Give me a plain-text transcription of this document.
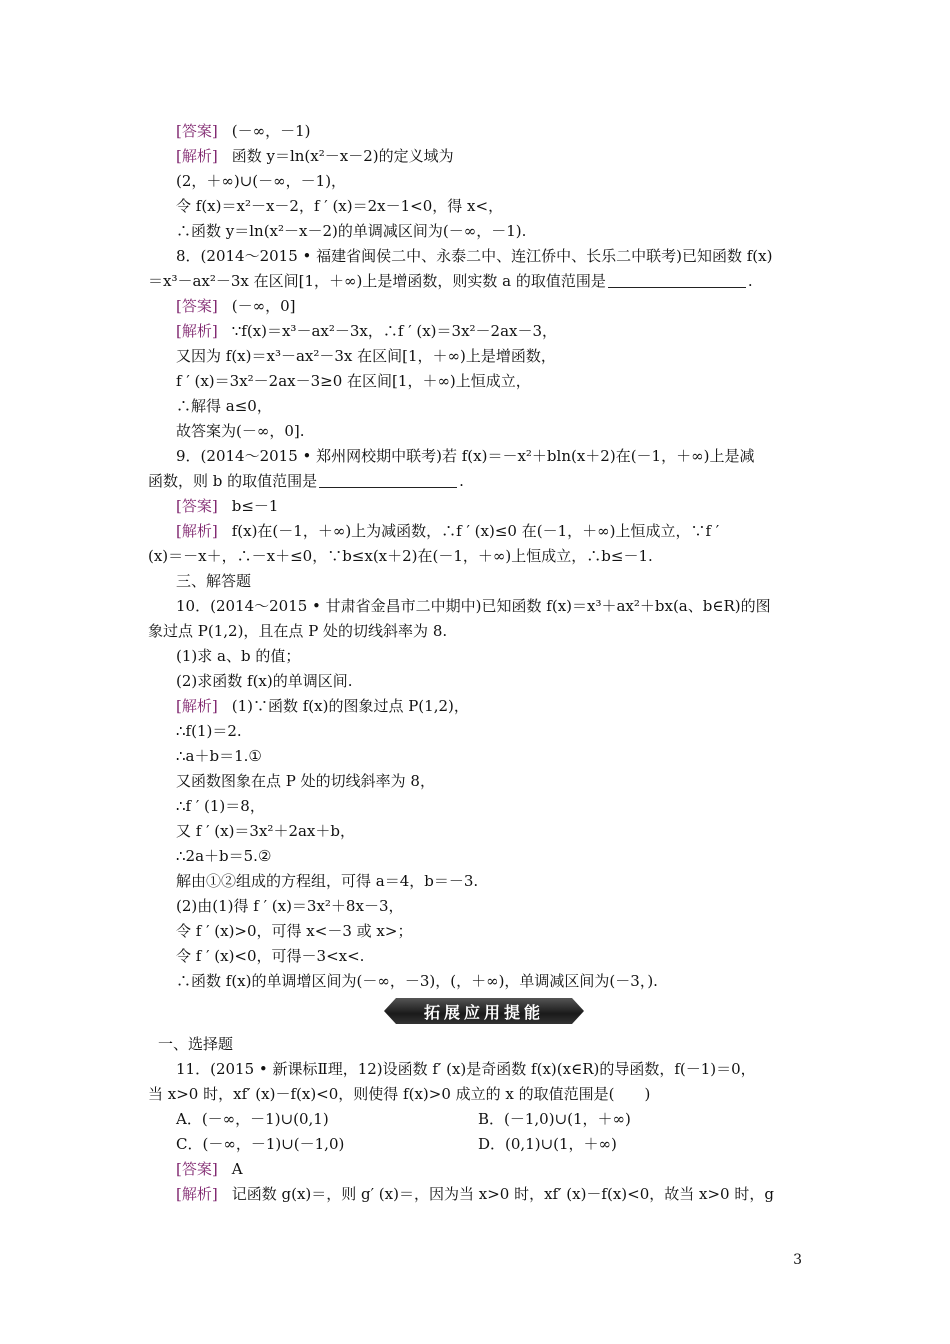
[答案] (－∞，－1)
[解析] 函数 y＝ln(x²－x－2)的定义域为
(2，＋∞)∪(－∞，－1)，
令 f(x)＝x²－x－2，f ′ (x)＝2x－1<0，得 x<，
∴函数 y＝ln(x²－x－2)的单调减区间为(－∞，－1).
8．(2014～2015 • 福建省闽侯二中、永泰二中、连江侨中、长乐二中联考)已知函数 f(x)
＝x³－ax²－3x 在区间[1，＋∞)上是增函数，则实数 a 的取值范围是	.
[答案] (－∞，0]
[解析] ∵f(x)＝x³－ax²－3x，∴f ′ (x)＝3x²－2ax－3，
又因为 f(x)＝x³－ax²－3x 在区间[1，＋∞)上是增函数，
f ′ (x)＝3x²－2ax－3≥0 在区间[1，＋∞)上恒成立，
∴解得 a≤0，
故答案为(－∞，0].
9．(2014～2015 • 郑州网校期中联考)若 f(x)＝－x²＋bln(x＋2)在(－1，＋∞)上是减
函数，则 b 的取值范围是	.
[答案] b≤－1
[解析] f(x)在(－1，＋∞)上为减函数，∴f ′ (x)≤0 在(－1，＋∞)上恒成立，∵f ′
(x)＝－x＋，∴－x＋≤0，∵b≤x(x＋2)在(－1，＋∞)上恒成立，∴b≤－1.
三、解答题
10．(2014～2015 • 甘肃省金昌市二中期中)已知函数 f(x)＝x³＋ax²＋bx(a、b∈R)的图
象过点 P(1,2)，且在点 P 处的切线斜率为 8.
(1)求 a、b 的值；
(2)求函数 f(x)的单调区间.
[解析] (1)∵函数 f(x)的图象过点 P(1,2)，
∴f(1)＝2.
∴a＋b＝1.①
又函数图象在点 P 处的切线斜率为 8，
∴f ′ (1)＝8，
又 f ′ (x)＝3x²＋2ax＋b，
∴2a＋b＝5.②
解由①②组成的方程组，可得 a＝4，b＝－3.
(2)由(1)得 f ′ (x)＝3x²＋8x－3，
令 f ′ (x)>0，可得 x<－3 或 x>；
令 f ′ (x)<0，可得－3<x<.
∴函数 f(x)的单调增区间为(－∞，－3)，(，＋∞)，单调减区间为(－3，).
拓展应用提能
一、选择题
11．(2015 • 新课标Ⅱ理，12)设函数 f′ (x)是奇函数 f(x)(x∈R)的导函数，f(－1)＝0，
当 x>0 时，xf′ (x)－f(x)<0，则使得 f(x)>0 成立的 x 的取值范围是(　　)
A．(－∞，－1)∪(0,1)	B．(－1,0)∪(1，＋∞)
C．(－∞，－1)∪(－1,0)	D．(0,1)∪(1，＋∞)
[答案] A
[解析] 记函数 g(x)＝，则 g′ (x)＝，因为当 x>0 时，xf′ (x)－f(x)<0，故当 x>0 时，g
3
